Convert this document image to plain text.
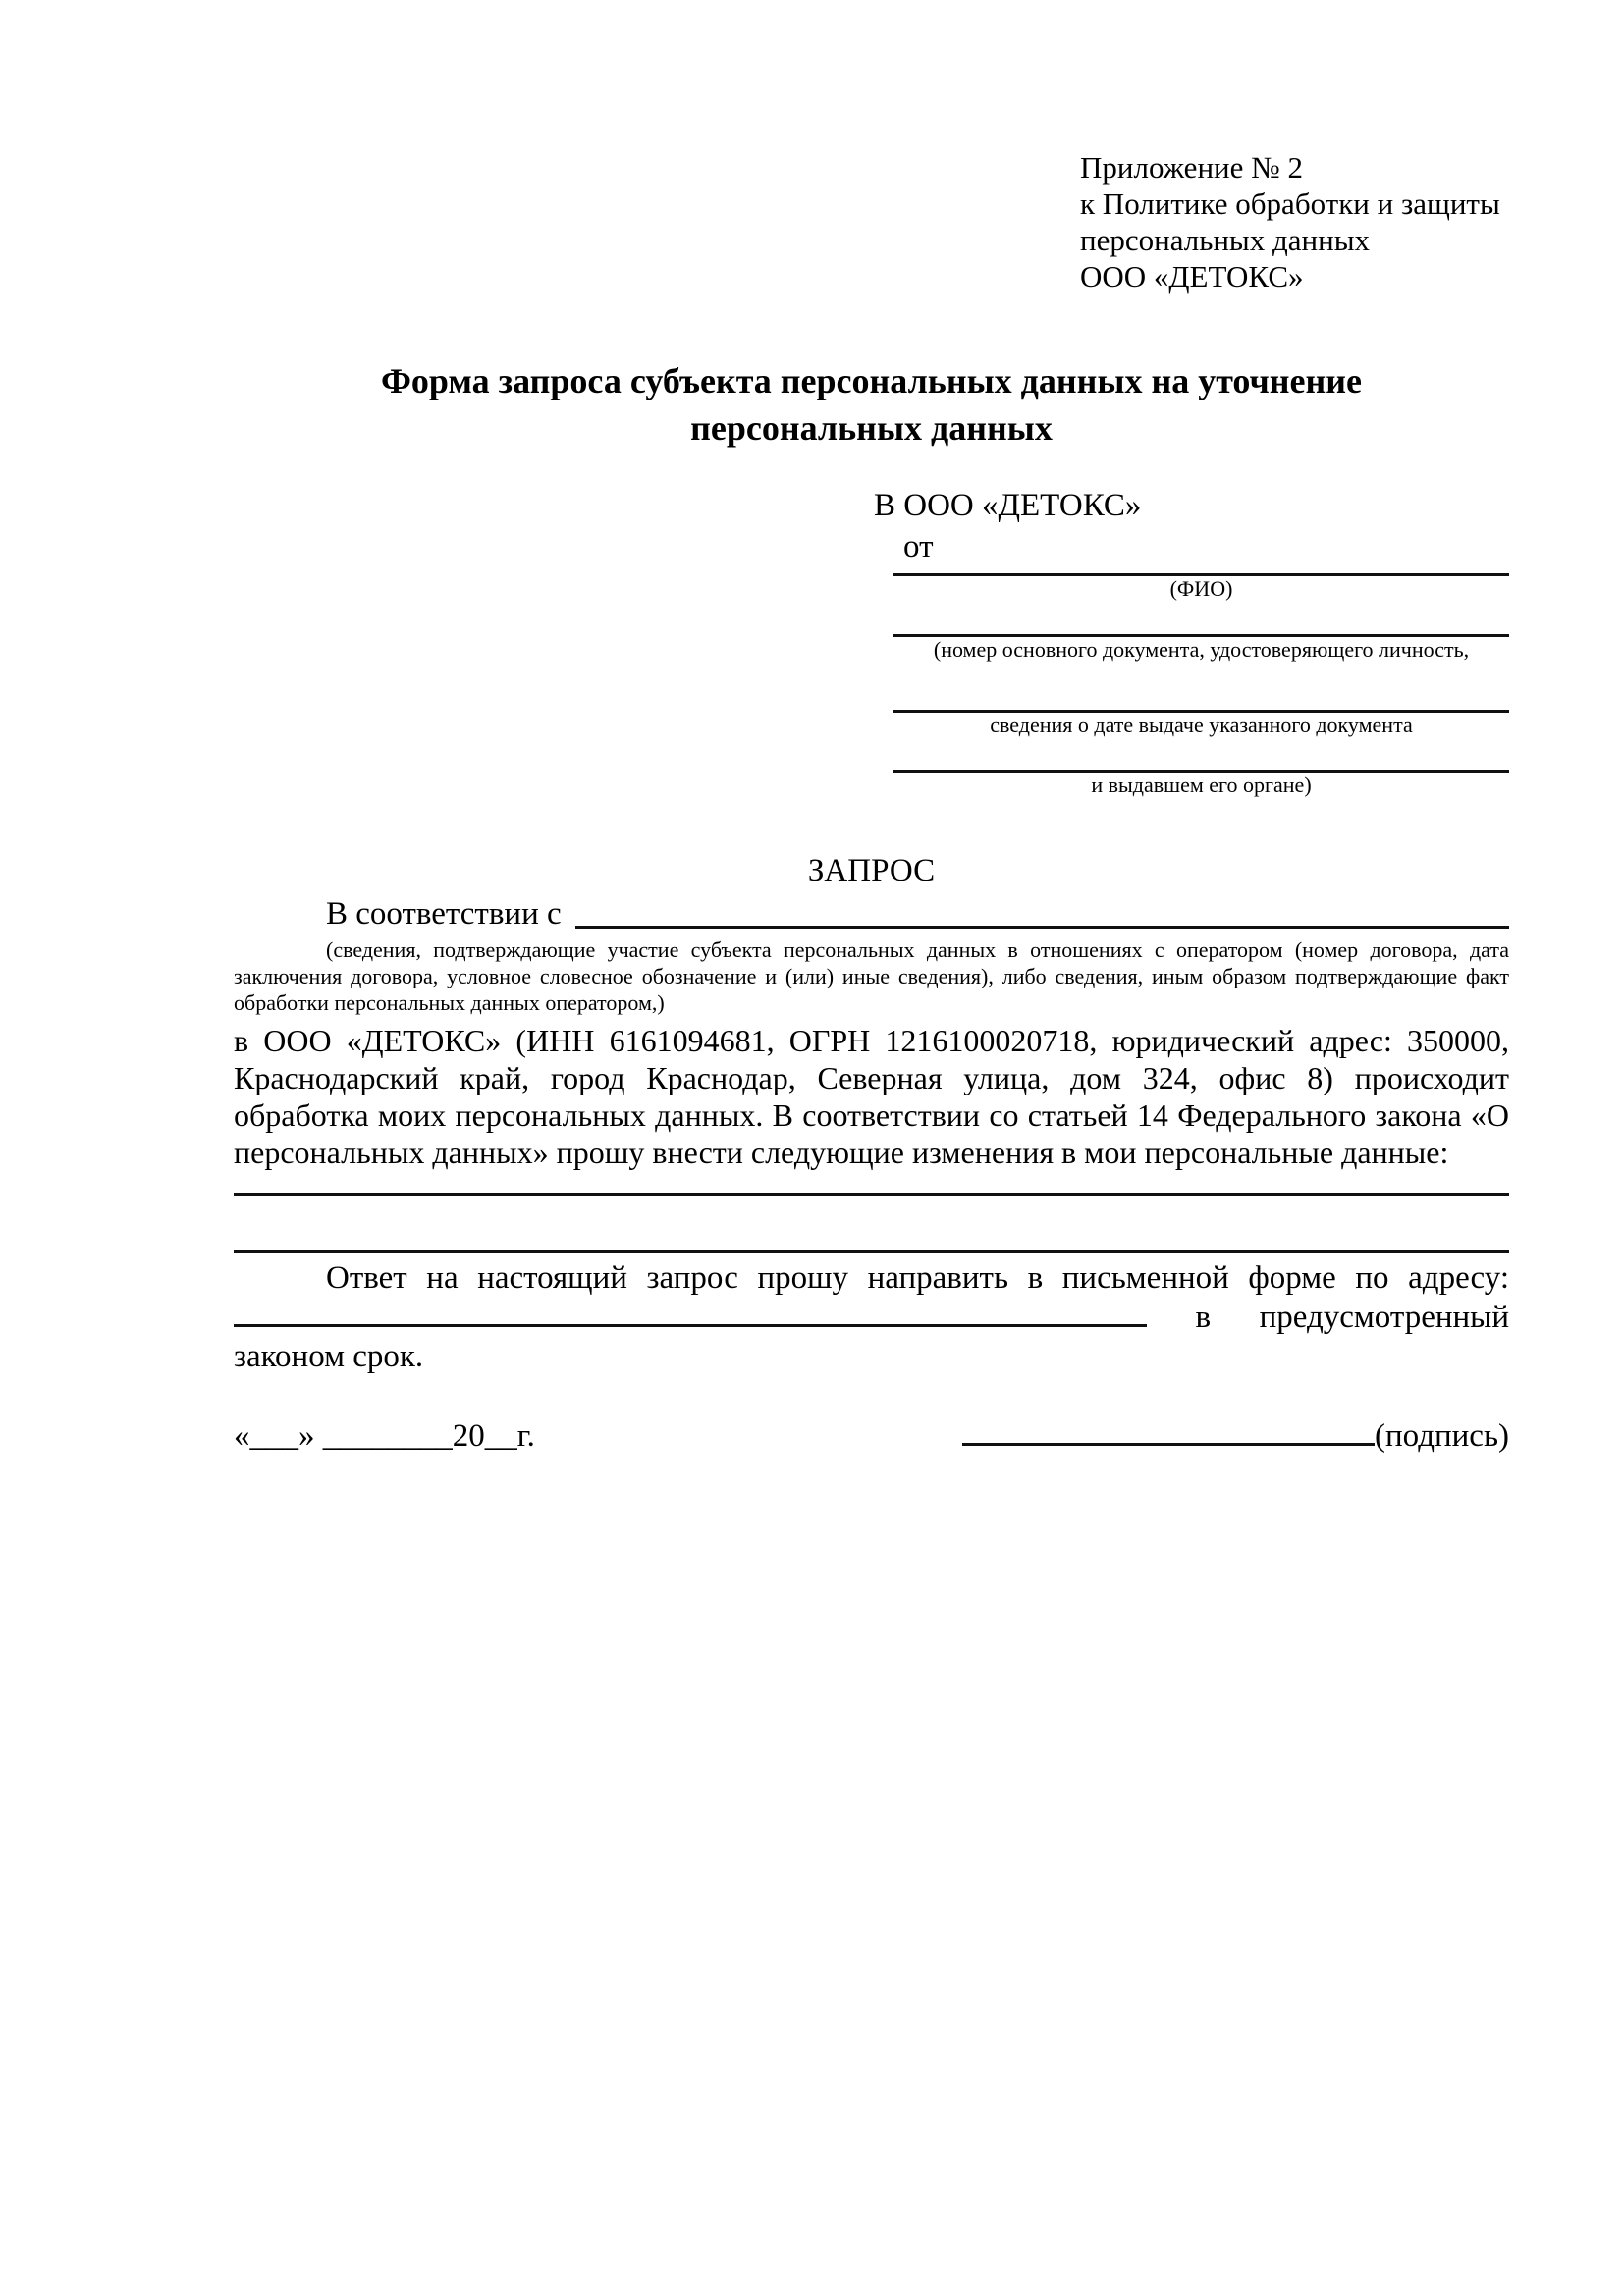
Приложение № 2
к Политике обработки и защиты
персональных данных
ООО «ДЕТОКС»
Форма запроса субъекта персональных данных на уточнение персональных данных
В ООО «ДЕТОКС»
от
(ФИО)
(номер основного документа, удостоверяющего личность,
сведения о дате выдаче указанного документа
и выдавшем его органе)
ЗАПРОС
В соответствии с

(сведения, подтверждающие участие субъекта персональных данных в отношениях с оператором (номер договора, дата заключения договора, условное словесное обозначение и (или) иные сведения), либо сведения, иным образом подтверждающие факт обработки персональных данных оператором,)

в ООО «ДЕТОКС» (ИНН 6161094681, ОГРН 1216100020718, юридический адрес: 350000, Краснодарский край, город Краснодар, Северная улица, дом 324, офис 8) происходит обработка моих персональных данных. В соответствии со статьей 14 Федерального закона «О персональных данных» прошу внести следующие изменения в мои персональные данные:

Ответ на настоящий запрос прошу направить в письменной форме по адресу:  в предусмотренный законом срок.

«___» ________20__г.	(подпись)
